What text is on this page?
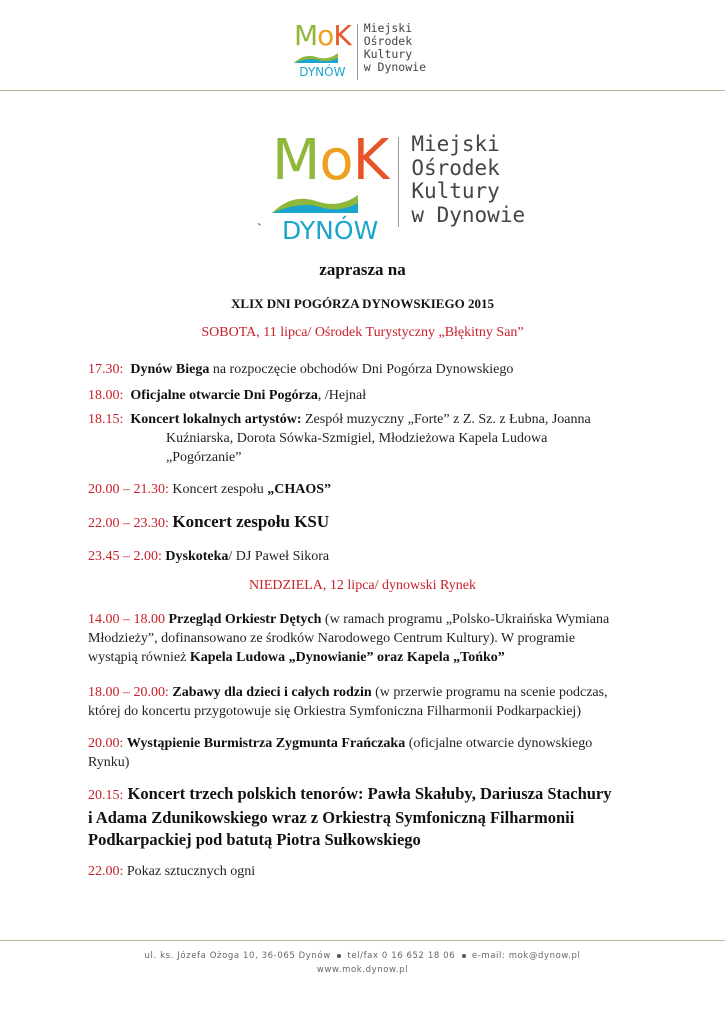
MoK
DYNÓW
Miejski
Ośrodek
Kultury
w Dynowie
MoK
DYNÓW
Miejski
Ośrodek
Kultury
w Dynowie
`
zaprasza na
XLIX DNI POGÓRZA DYNOWSKIEGO 2015
SOBOTA, 11 lipca/ Ośrodek Turystyczny „Błękitny San”
17.30: Dynów Biega na rozpoczęcie obchodów Dni Pogórza Dynowskiego
18.00: Oficjalne otwarcie Dni Pogórza, /Hejnał
18.15: Koncert lokalnych artystów: Zespół muzyczny „Forte” z Z. Sz. z Łubna, Joanna
Kuźniarska, Dorota Sówka-Szmigiel, Młodzieżowa Kapela Ludowa
„Pogórzanie”
20.00 – 21.30: Koncert zespołu „CHAOS”
22.00 – 23.30: Koncert zespołu KSU
23.45 – 2.00: Dyskoteka/ DJ Paweł Sikora
NIEDZIELA, 12 lipca/ dynowski Rynek
14.00 – 18.00 Przegląd Orkiestr Dętych (w ramach programu „Polsko-Ukraińska Wymiana
Młodzieży”, dofinansowano ze środków Narodowego Centrum Kultury). W programie
wystąpią również Kapela Ludowa „Dynowianie” oraz Kapela „Tońko”
18.00 – 20.00: Zabawy dla dzieci i całych rodzin (w przerwie programu na scenie podczas,
której do koncertu przygotowuje się Orkiestra Symfoniczna Filharmonii Podkarpackiej)
20.00: Wystąpienie Burmistrza Zygmunta Frańczaka (oficjalne otwarcie dynowskiego
Rynku)
20.15: Koncert trzech polskich tenorów: Pawła Skałuby, Dariusza Stachury
i Adama Zdunikowskiego wraz z Orkiestrą Symfoniczną Filharmonii
Podkarpackiej pod batutą Piotra Sułkowskiego
22.00: Pokaz sztucznych ogni
ul. ks. Józefa Ożoga 10, 36-065 Dynów tel/fax 0 16 652 18 06 e-mail: mok@dynow.pl
www.mok.dynow.pl
